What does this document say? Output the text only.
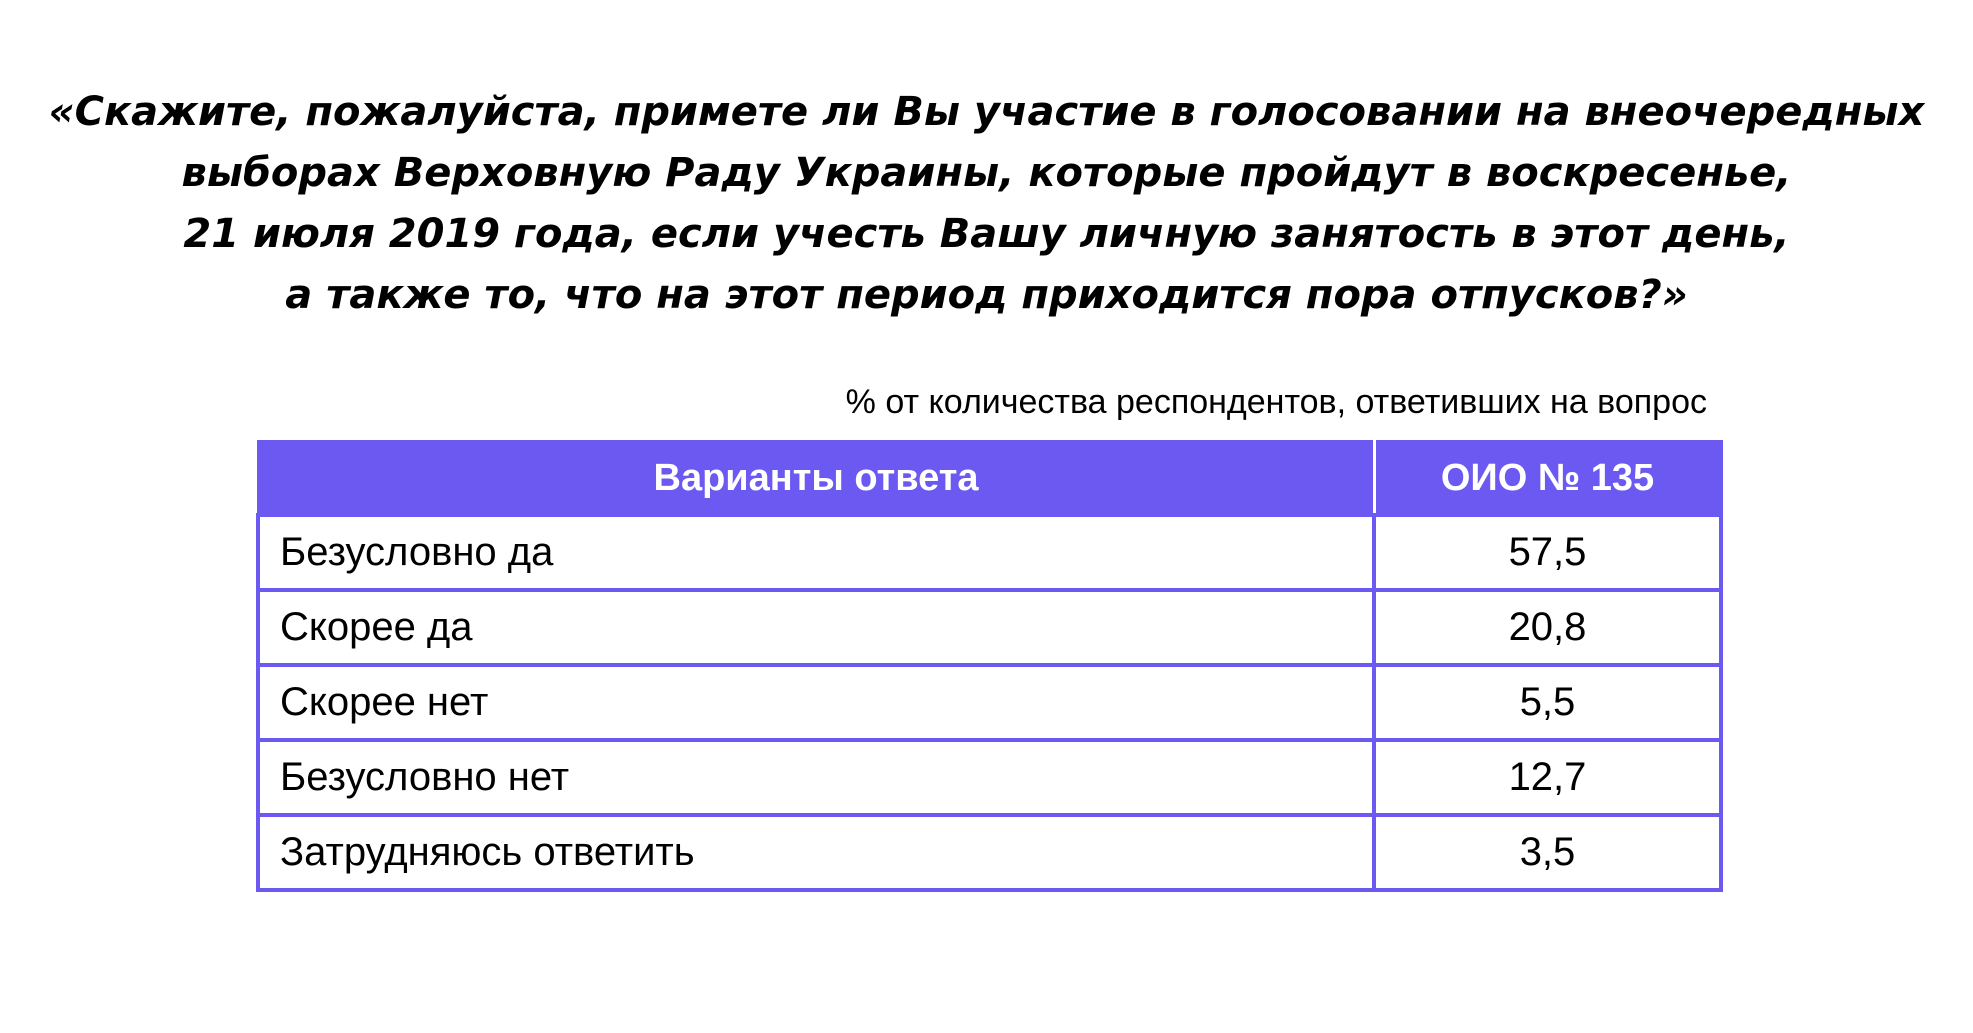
«Скажите, пожалуйста, примете ли Вы участие в голосовании на внеочередных
выборах Верховную Раду Украины, которые пройдут в воскресенье,
21 июля 2019 года, если учесть Вашу личную занятость в этот день,
а также то, что на этот период приходится пора отпусков?»
% от количества респондентов, ответивших на вопрос
Варианты ответа	ОИО № 135
Безусловно да	57,5
Скорее да	20,8
Скорее нет	5,5
Безусловно нет	12,7
Затрудняюсь ответить	3,5
